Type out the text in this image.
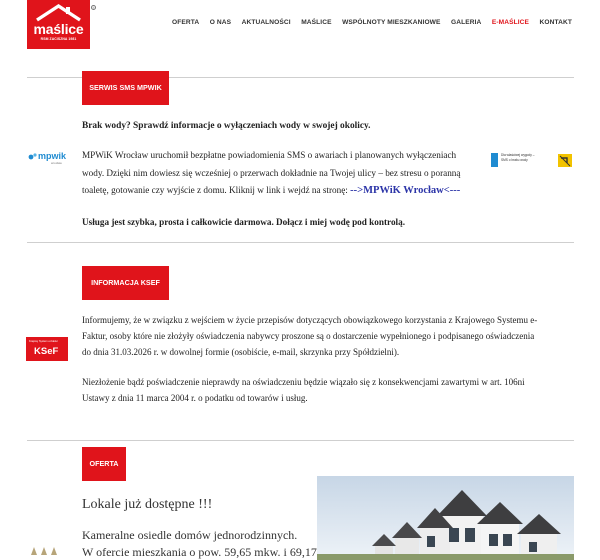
maślice
RSM ZACISZNA 1981
®
OFERTA O NAS AKTUALNOŚCI MAŚLICE WSPÓLNOTY MIESZKANIOWE GALERIA E-MAŚLICE KONTAKT
SERWIS SMS MPWIK
Brak wody? Sprawdź informacje o wyłączeniach wody w swojej okolicy.
mpwik
wrocław
MPWiK Wrocław uruchomił bezpłatne powiadomienia SMS o awariach i planowanych wyłączeniach
wody. Dzięki nim dowiesz się wcześniej o przerwach dokładnie na Twojej ulicy – bez stresu o poranną
toaletę, gotowanie czy wyjście z domu. Kliknij w link i wejdź na stronę: -->MPWiK Wrocław<---
Dla właściwej wygody –
SMS o braku wody
Usługa jest szybka, prosta i całkowicie darmowa. Dołącz i miej wodę pod kontrolą.
INFORMACJA KSEF
Krajowy System e-Faktur
KSeF
Informujemy, że w związku z wejściem w życie przepisów dotyczących obowiązkowego korzystania z Krajowego Systemu e-
Faktur, osoby które nie złożyły oświadczenia nabywcy proszone są o dostarczenie wypełnionego i podpisanego oświadczenia
do dnia 31.03.2026 r. w dowolnej formie (osobiście, e-mail, skrzynka przy Spółdzielni).
Niezłożenie bądź poświadczenie nieprawdy na oświadczeniu będzie wiązało się z konsekwencjami zawartymi w art. 106ni
Ustawy z dnia 11 marca 2004 r. o podatku od towarów i usług.
OFERTA
Lokale już dostępne !!!
Kameralne osiedle domów jednorodzinnych.
W ofercie mieszkania o pow. 59,65 mkw. i 69,17
